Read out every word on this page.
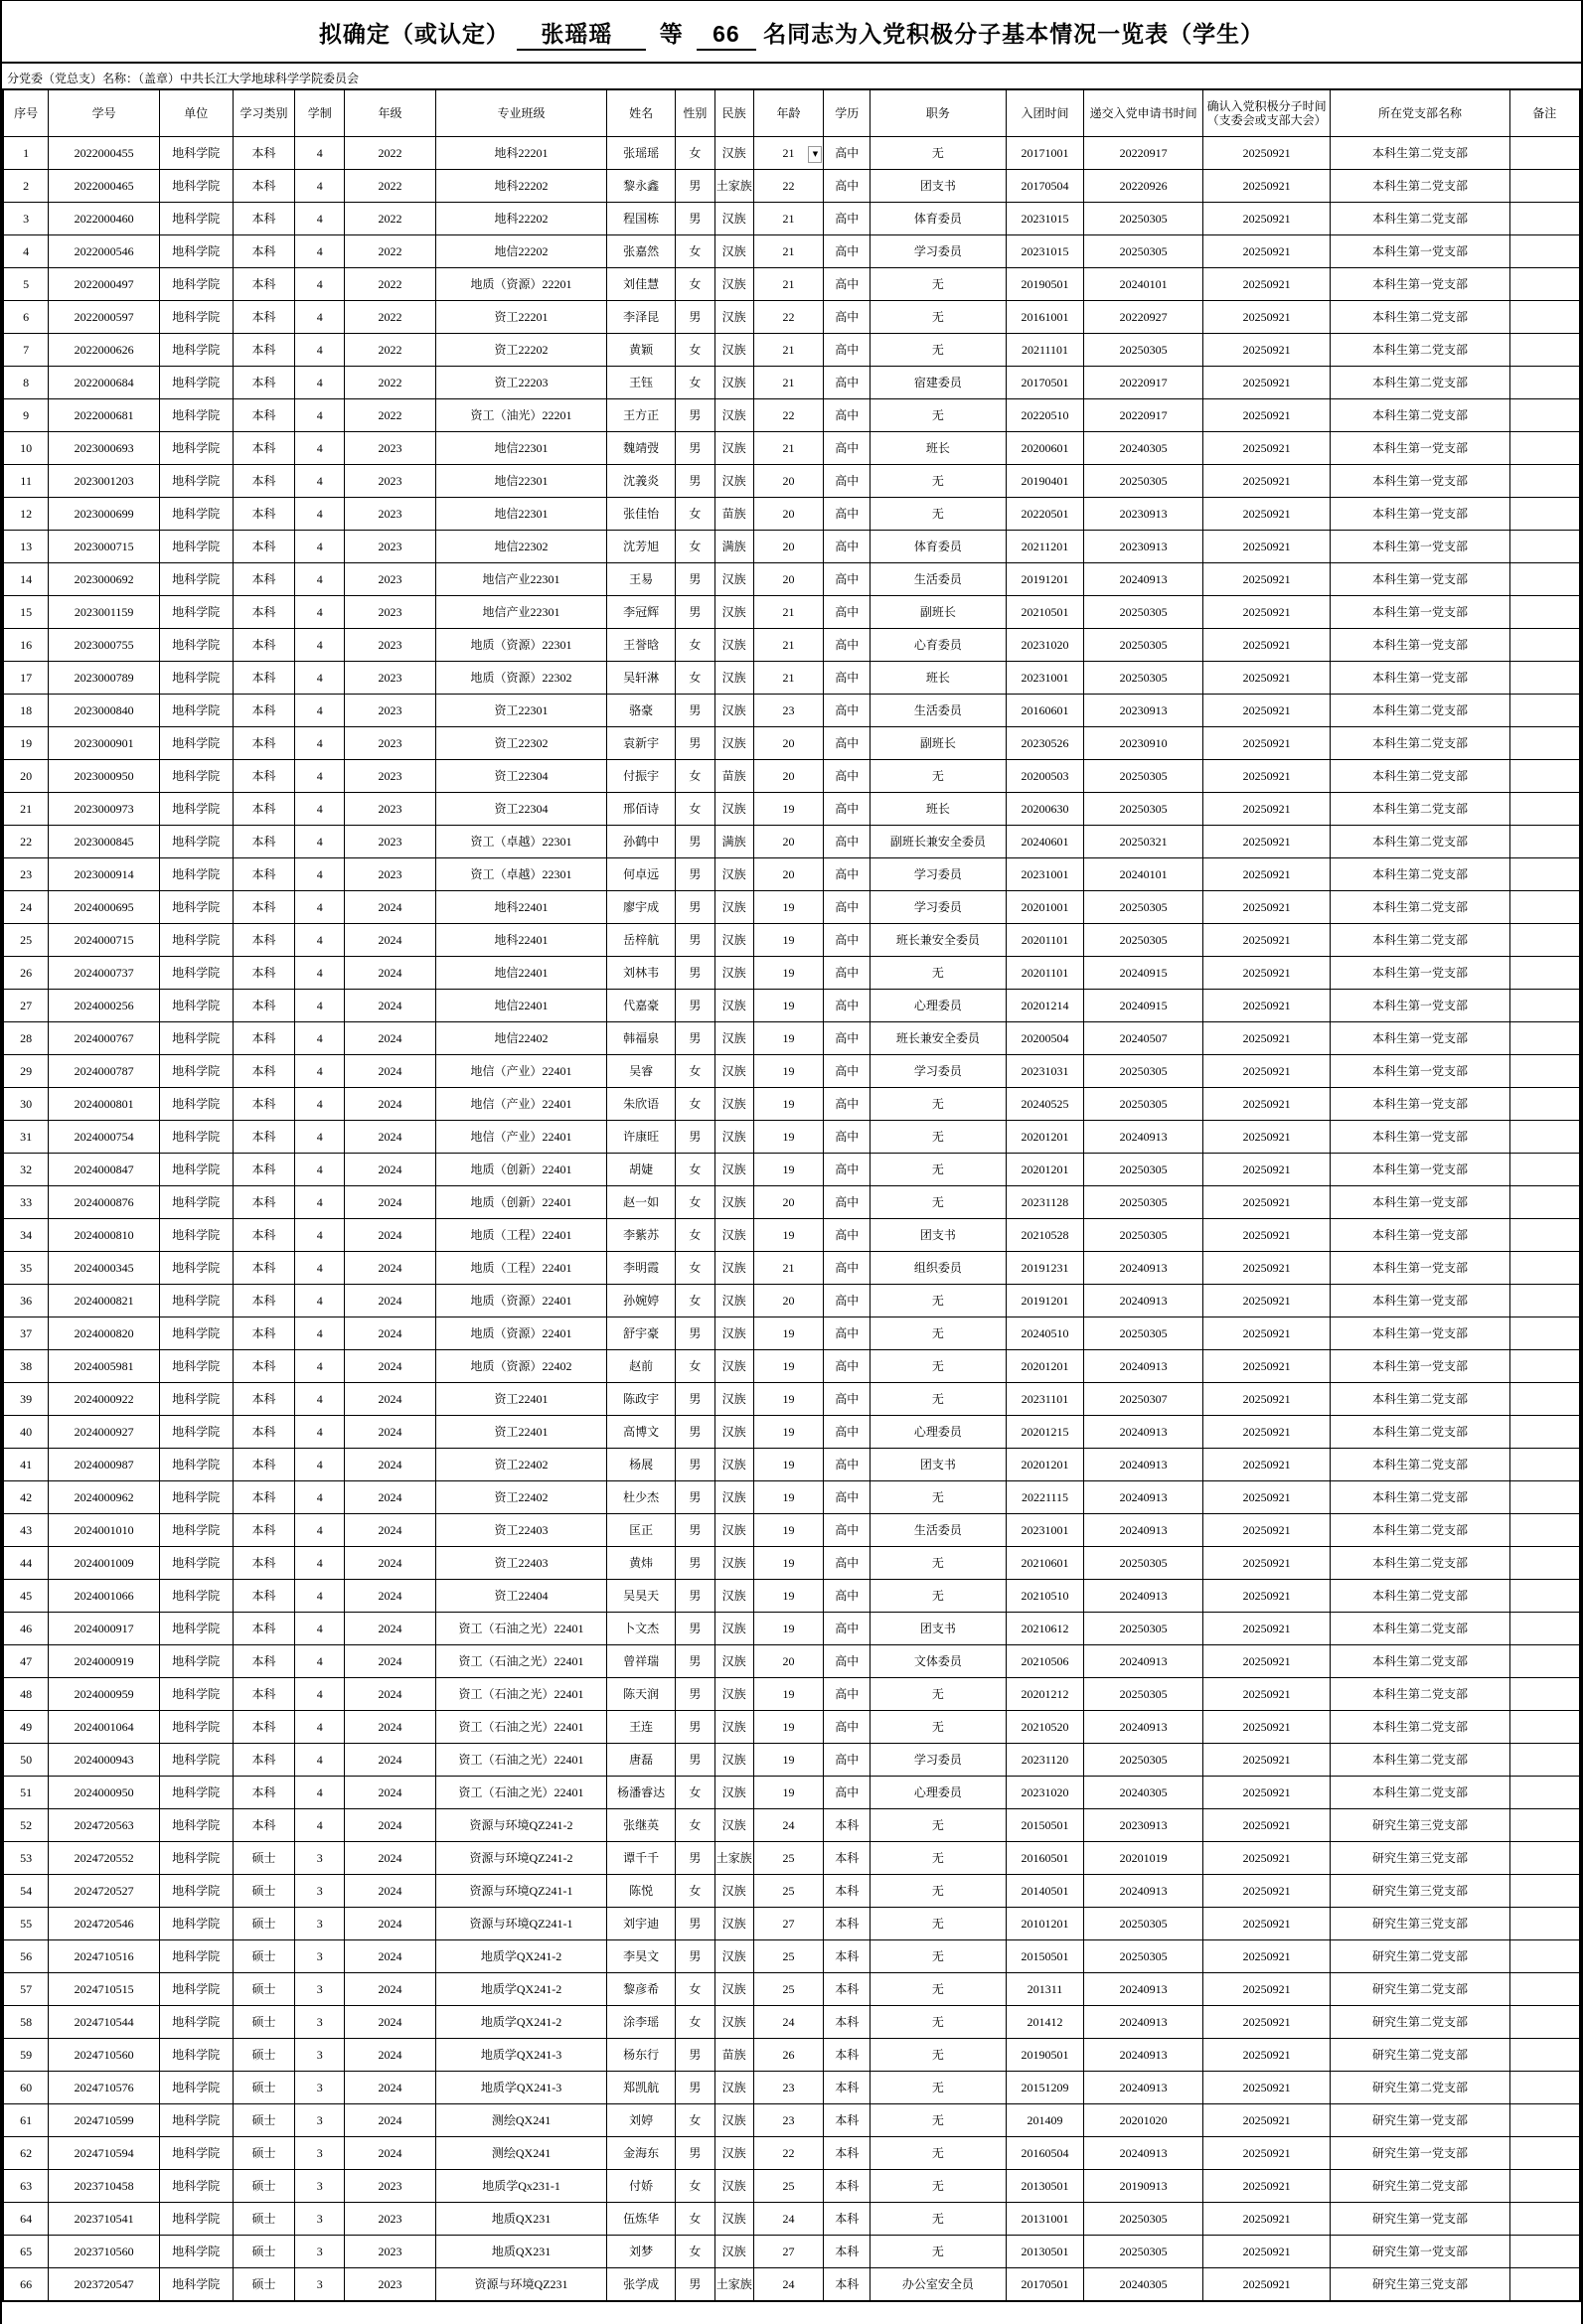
拟确定（或认定） 张瑶瑶 等 66 名同志为入党积极分子基本情况一览表（学生）
分党委（党总支）名称：（盖章）中共长江大学地球科学学院委员会
序号	学号	单位	学习类别	学制	年级	专业班级	姓名	性别	民族	年龄	学历	职务	入团时间	递交入党申请书时间	确认入党积极分子时间（支委会或支部大会）	所在党支部名称	备注
1	2022000455	地科学院	本科	4	2022	地科22201	张瑶瑶	女	汉族	21 ▼	高中	无	20171001	20220917	20250921	本科生第二党支部	
2	2022000465	地科学院	本科	4	2022	地科22202	黎永鑫	男	土家族	22	高中	团支书	20170504	20220926	20250921	本科生第二党支部	
3	2022000460	地科学院	本科	4	2022	地科22202	程国栋	男	汉族	21	高中	体育委员	20231015	20250305	20250921	本科生第二党支部	
4	2022000546	地科学院	本科	4	2022	地信22202	张嘉然	女	汉族	21	高中	学习委员	20231015	20250305	20250921	本科生第一党支部	
5	2022000497	地科学院	本科	4	2022	地质（资源）22201	刘佳慧	女	汉族	21	高中	无	20190501	20240101	20250921	本科生第一党支部	
6	2022000597	地科学院	本科	4	2022	资工22201	李泽昆	男	汉族	22	高中	无	20161001	20220927	20250921	本科生第二党支部	
7	2022000626	地科学院	本科	4	2022	资工22202	黄颖	女	汉族	21	高中	无	20211101	20250305	20250921	本科生第二党支部	
8	2022000684	地科学院	本科	4	2022	资工22203	王钰	女	汉族	21	高中	宿建委员	20170501	20220917	20250921	本科生第二党支部	
9	2022000681	地科学院	本科	4	2022	资工（油光）22201	王方正	男	汉族	22	高中	无	20220510	20220917	20250921	本科生第二党支部	
10	2023000693	地科学院	本科	4	2023	地信22301	魏靖弢	男	汉族	21	高中	班长	20200601	20240305	20250921	本科生第一党支部	
11	2023001203	地科学院	本科	4	2023	地信22301	沈義炎	男	汉族	20	高中	无	20190401	20250305	20250921	本科生第一党支部	
12	2023000699	地科学院	本科	4	2023	地信22301	张佳怡	女	苗族	20	高中	无	20220501	20230913	20250921	本科生第一党支部	
13	2023000715	地科学院	本科	4	2023	地信22302	沈芳旭	女	满族	20	高中	体育委员	20211201	20230913	20250921	本科生第一党支部	
14	2023000692	地科学院	本科	4	2023	地信产业22301	王易	男	汉族	20	高中	生活委员	20191201	20240913	20250921	本科生第一党支部	
15	2023001159	地科学院	本科	4	2023	地信产业22301	李冠辉	男	汉族	21	高中	副班长	20210501	20250305	20250921	本科生第一党支部	
16	2023000755	地科学院	本科	4	2023	地质（资源）22301	王誉晗	女	汉族	21	高中	心育委员	20231020	20250305	20250921	本科生第一党支部	
17	2023000789	地科学院	本科	4	2023	地质（资源）22302	吴轩淋	女	汉族	21	高中	班长	20231001	20250305	20250921	本科生第一党支部	
18	2023000840	地科学院	本科	4	2023	资工22301	骆豪	男	汉族	23	高中	生活委员	20160601	20230913	20250921	本科生第二党支部	
19	2023000901	地科学院	本科	4	2023	资工22302	袁新宇	男	汉族	20	高中	副班长	20230526	20230910	20250921	本科生第二党支部	
20	2023000950	地科学院	本科	4	2023	资工22304	付振宇	女	苗族	20	高中	无	20200503	20250305	20250921	本科生第二党支部	
21	2023000973	地科学院	本科	4	2023	资工22304	邢佰诗	女	汉族	19	高中	班长	20200630	20250305	20250921	本科生第二党支部	
22	2023000845	地科学院	本科	4	2023	资工（卓越）22301	孙鹤中	男	满族	20	高中	副班长兼安全委员	20240601	20250321	20250921	本科生第二党支部	
23	2023000914	地科学院	本科	4	2023	资工（卓越）22301	何卓远	男	汉族	20	高中	学习委员	20231001	20240101	20250921	本科生第二党支部	
24	2024000695	地科学院	本科	4	2024	地科22401	廖宇成	男	汉族	19	高中	学习委员	20201001	20250305	20250921	本科生第二党支部	
25	2024000715	地科学院	本科	4	2024	地科22401	岳梓航	男	汉族	19	高中	班长兼安全委员	20201101	20250305	20250921	本科生第二党支部	
26	2024000737	地科学院	本科	4	2024	地信22401	刘林韦	男	汉族	19	高中	无	20201101	20240915	20250921	本科生第一党支部	
27	2024000256	地科学院	本科	4	2024	地信22401	代嘉豪	男	汉族	19	高中	心理委员	20201214	20240915	20250921	本科生第一党支部	
28	2024000767	地科学院	本科	4	2024	地信22402	韩福泉	男	汉族	19	高中	班长兼安全委员	20200504	20240507	20250921	本科生第一党支部	
29	2024000787	地科学院	本科	4	2024	地信（产业）22401	吴睿	女	汉族	19	高中	学习委员	20231031	20250305	20250921	本科生第一党支部	
30	2024000801	地科学院	本科	4	2024	地信（产业）22401	朱欣语	女	汉族	19	高中	无	20240525	20250305	20250921	本科生第一党支部	
31	2024000754	地科学院	本科	4	2024	地信（产业）22401	许康旺	男	汉族	19	高中	无	20201201	20240913	20250921	本科生第一党支部	
32	2024000847	地科学院	本科	4	2024	地质（创新）22401	胡婕	女	汉族	19	高中	无	20201201	20250305	20250921	本科生第一党支部	
33	2024000876	地科学院	本科	4	2024	地质（创新）22401	赵一如	女	汉族	20	高中	无	20231128	20250305	20250921	本科生第一党支部	
34	2024000810	地科学院	本科	4	2024	地质（工程）22401	李紫苏	女	汉族	19	高中	团支书	20210528	20250305	20250921	本科生第一党支部	
35	2024000345	地科学院	本科	4	2024	地质（工程）22401	李明霞	女	汉族	21	高中	组织委员	20191231	20240913	20250921	本科生第一党支部	
36	2024000821	地科学院	本科	4	2024	地质（资源）22401	孙婉婷	女	汉族	20	高中	无	20191201	20240913	20250921	本科生第一党支部	
37	2024000820	地科学院	本科	4	2024	地质（资源）22401	舒宇豪	男	汉族	19	高中	无	20240510	20250305	20250921	本科生第一党支部	
38	2024005981	地科学院	本科	4	2024	地质（资源）22402	赵前	女	汉族	19	高中	无	20201201	20240913	20250921	本科生第一党支部	
39	2024000922	地科学院	本科	4	2024	资工22401	陈政宇	男	汉族	19	高中	无	20231101	20250307	20250921	本科生第二党支部	
40	2024000927	地科学院	本科	4	2024	资工22401	高博文	男	汉族	19	高中	心理委员	20201215	20240913	20250921	本科生第二党支部	
41	2024000987	地科学院	本科	4	2024	资工22402	杨展	男	汉族	19	高中	团支书	20201201	20240913	20250921	本科生第二党支部	
42	2024000962	地科学院	本科	4	2024	资工22402	杜少杰	男	汉族	19	高中	无	20221115	20240913	20250921	本科生第二党支部	
43	2024001010	地科学院	本科	4	2024	资工22403	匡正	男	汉族	19	高中	生活委员	20231001	20240913	20250921	本科生第二党支部	
44	2024001009	地科学院	本科	4	2024	资工22403	黄炜	男	汉族	19	高中	无	20210601	20250305	20250921	本科生第二党支部	
45	2024001066	地科学院	本科	4	2024	资工22404	吴昊天	男	汉族	19	高中	无	20210510	20240913	20250921	本科生第二党支部	
46	2024000917	地科学院	本科	4	2024	资工（石油之光）22401	卜文杰	男	汉族	19	高中	团支书	20210612	20250305	20250921	本科生第二党支部	
47	2024000919	地科学院	本科	4	2024	资工（石油之光）22401	曾祥瑞	男	汉族	20	高中	文体委员	20210506	20240913	20250921	本科生第二党支部	
48	2024000959	地科学院	本科	4	2024	资工（石油之光）22401	陈天润	男	汉族	19	高中	无	20201212	20250305	20250921	本科生第二党支部	
49	2024001064	地科学院	本科	4	2024	资工（石油之光）22401	王连	男	汉族	19	高中	无	20210520	20240913	20250921	本科生第二党支部	
50	2024000943	地科学院	本科	4	2024	资工（石油之光）22401	唐磊	男	汉族	19	高中	学习委员	20231120	20250305	20250921	本科生第二党支部	
51	2024000950	地科学院	本科	4	2024	资工（石油之光）22401	杨潘睿达	女	汉族	19	高中	心理委员	20231020	20240305	20250921	本科生第二党支部	
52	2024720563	地科学院	本科	4	2024	资源与环境QZ241-2	张继英	女	汉族	24	本科	无	20150501	20230913	20250921	研究生第三党支部	
53	2024720552	地科学院	硕士	3	2024	资源与环境QZ241-2	谭千千	男	土家族	25	本科	无	20160501	20201019	20250921	研究生第三党支部	
54	2024720527	地科学院	硕士	3	2024	资源与环境QZ241-1	陈悦	女	汉族	25	本科	无	20140501	20240913	20250921	研究生第三党支部	
55	2024720546	地科学院	硕士	3	2024	资源与环境QZ241-1	刘宇迪	男	汉族	27	本科	无	20101201	20250305	20250921	研究生第三党支部	
56	2024710516	地科学院	硕士	3	2024	地质学QX241-2	李昊文	男	汉族	25	本科	无	20150501	20250305	20250921	研究生第二党支部	
57	2024710515	地科学院	硕士	3	2024	地质学QX241-2	黎彦希	女	汉族	25	本科	无	201311	20240913	20250921	研究生第二党支部	
58	2024710544	地科学院	硕士	3	2024	地质学QX241-2	涂李瑶	女	汉族	24	本科	无	201412	20240913	20250921	研究生第二党支部	
59	2024710560	地科学院	硕士	3	2024	地质学QX241-3	杨东行	男	苗族	26	本科	无	20190501	20240913	20250921	研究生第二党支部	
60	2024710576	地科学院	硕士	3	2024	地质学QX241-3	郑凯航	男	汉族	23	本科	无	20151209	20240913	20250921	研究生第二党支部	
61	2024710599	地科学院	硕士	3	2024	测绘QX241	刘婷	女	汉族	23	本科	无	201409	20201020	20250921	研究生第一党支部	
62	2024710594	地科学院	硕士	3	2024	测绘QX241	金海东	男	汉族	22	本科	无	20160504	20240913	20250921	研究生第一党支部	
63	2023710458	地科学院	硕士	3	2023	地质学Qx231-1	付娇	女	汉族	25	本科	无	20130501	20190913	20250921	研究生第二党支部	
64	2023710541	地科学院	硕士	3	2023	地质QX231	伍炼华	女	汉族	24	本科	无	20131001	20250305	20250921	研究生第一党支部	
65	2023710560	地科学院	硕士	3	2023	地质QX231	刘梦	女	汉族	27	本科	无	20130501	20250305	20250921	研究生第一党支部	
66	2023720547	地科学院	硕士	3	2023	资源与环境QZ231	张学成	男	土家族	24	本科	办公室安全员	20170501	20240305	20250921	研究生第三党支部	
